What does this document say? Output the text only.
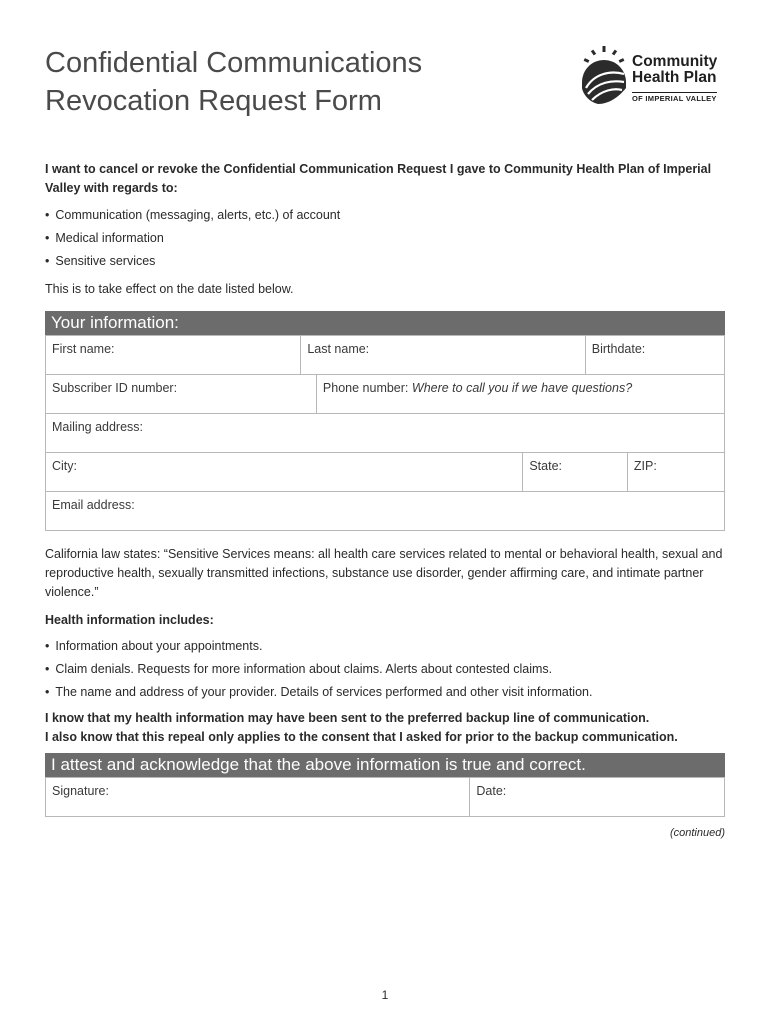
Confidential Communications
Revocation Request Form
Community
Health Plan
OF IMPERIAL VALLEY

I want to cancel or revoke the Confidential Communication Request I gave to Community Health Plan of Imperial Valley with regards to:

• Communication (messaging, alerts, etc.) of account
• Medical information
• Sensitive services

This is to take effect on the date listed below.

Your information:
First name:	Last name:			Birthdate:	
Subscriber ID number:		Phone number: Where to call you if we have questions?			
Mailing address:					
City:			State:		ZIP:
Email address:					

California law states: “Sensitive Services means: all health care services related to mental or behavioral health, sexual and reproductive health, sexually transmitted infections, substance use disorder, gender affirming care, and intimate partner violence.”

Health information includes:

• Information about your appointments.
• Claim denials. Requests for more information about claims. Alerts about contested claims.
• The name and address of your provider. Details of services performed and other visit information.

I know that my health information may have been sent to the preferred backup line of communication.

I also know that this repeal only applies to the consent that I asked for prior to the backup communication.

I attest and acknowledge that the above information is true and correct.
Signature:	Date:
(continued)
1
